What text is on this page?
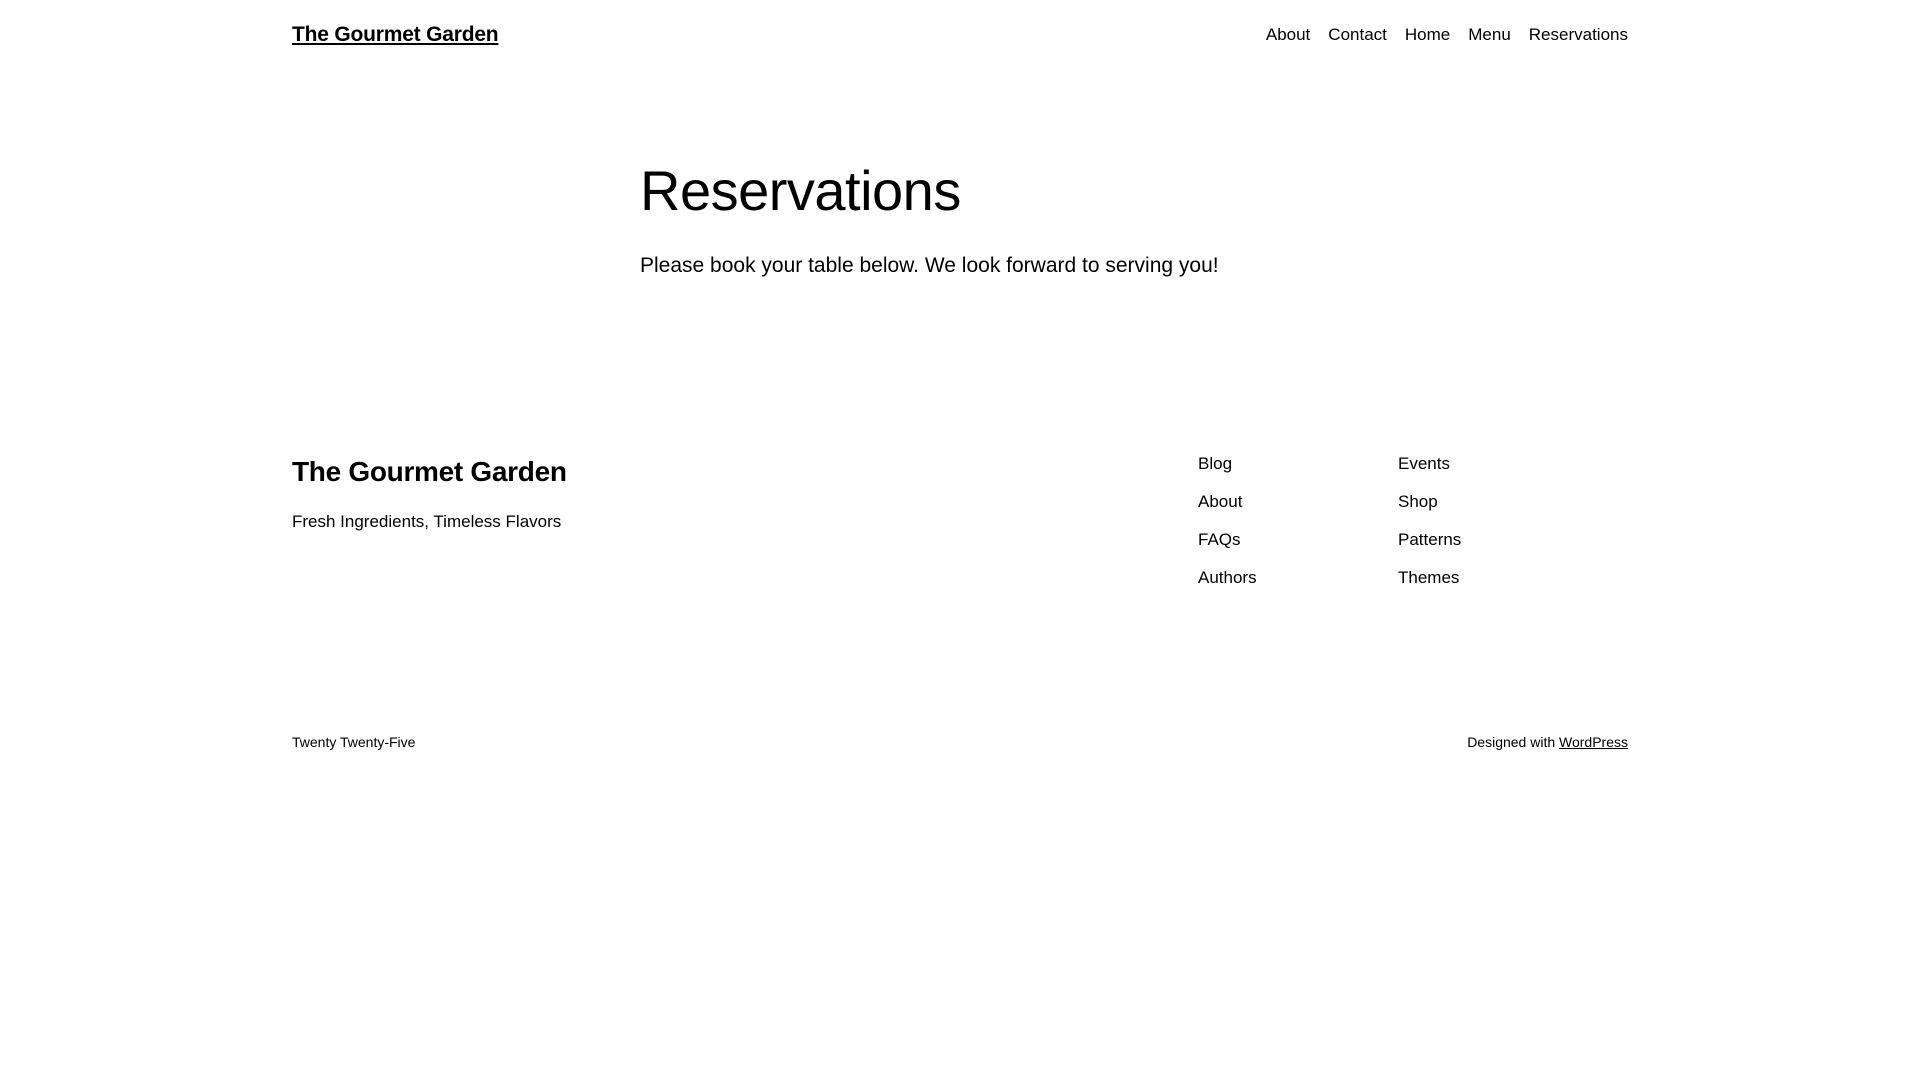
The Gourmet Garden	About Contact Home Menu Reservations
Reservations

Please book your table below. We look forward to serving you!

The Gourmet Garden

Fresh Ingredients, Timeless Flavors

Blog
About
FAQs
Authors
Events
Shop
Patterns
Themes
Twenty Twenty-Five	Designed with WordPress
